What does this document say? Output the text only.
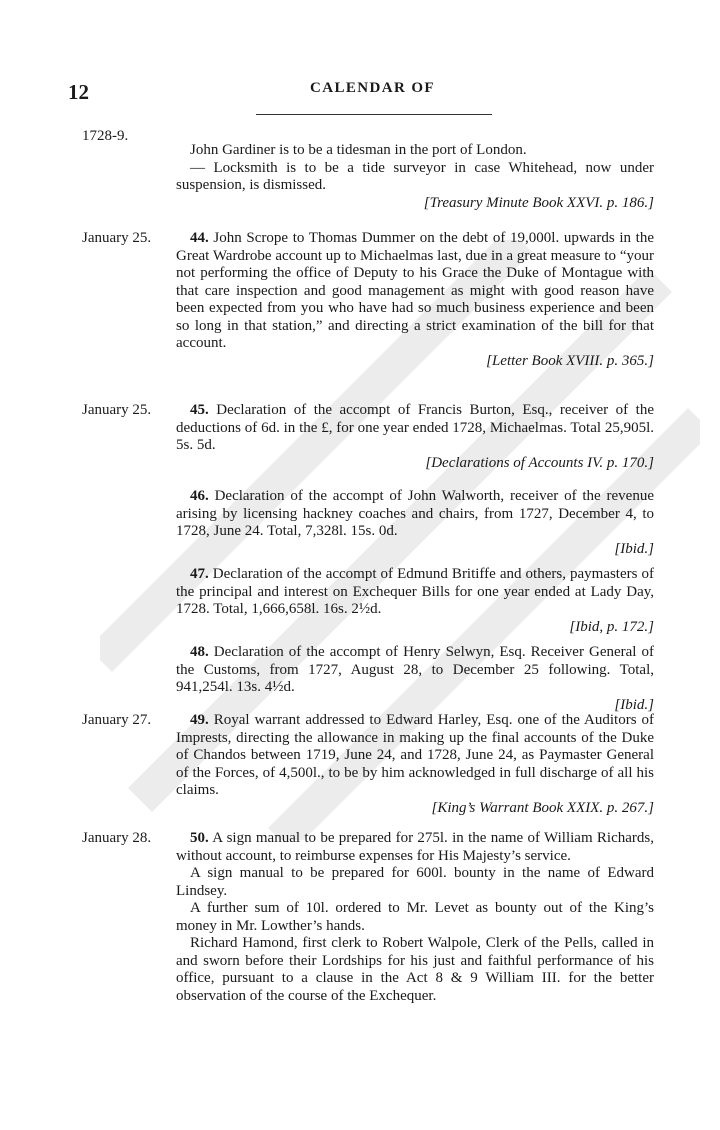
12	CALENDAR OF
1728-9.

John Gardiner is to be a tidesman in the port of London.

— Locksmith is to be a tide surveyor in case Whitehead, now under suspension, is dismissed.

[Treasury Minute Book XXVI. p. 186.]

January 25.	44. John Scrope to Thomas Dummer on the debt of 19,000l. upwards in the Great Wardrobe account up to Michaelmas last, due in a great measure to “your not performing the office of Deputy to his Grace the Duke of Montague with that care inspection and good management as might with good reason have been expected from you who have had so much business experience and been so long in that station,” and directing a strict examination of the bill for that account.

[Letter Book XVIII. p. 365.]

January 25.	45. Declaration of the accompt of Francis Burton, Esq., receiver of the deductions of 6d. in the £, for one year ended 1728, Michaelmas. Total 25,905l. 5s. 5d.

[Declarations of Accounts IV. p. 170.]

46. Declaration of the accompt of John Walworth, receiver of the revenue arising by licensing hackney coaches and chairs, from 1727, December 4, to 1728, June 24. Total, 7,328l. 15s. 0d.

[Ibid.]

47. Declaration of the accompt of Edmund Britiffe and others, paymasters of the principal and interest on Exchequer Bills for one year ended at Lady Day, 1728. Total, 1,666,658l. 16s. 2½d.

[Ibid, p. 172.]

48. Declaration of the accompt of Henry Selwyn, Esq. Receiver General of the Customs, from 1727, August 28, to December 25 following. Total, 941,254l. 13s. 4½d.

[Ibid.]

January 27.	49. Royal warrant addressed to Edward Harley, Esq. one of the Auditors of Imprests, directing the allowance in making up the final accounts of the Duke of Chandos between 1719, June 24, and 1728, June 24, as Paymaster General of the Forces, of 4,500l., to be by him acknowledged in full discharge of all his claims.

[King’s Warrant Book XXIX. p. 267.]

January 28.	50. A sign manual to be prepared for 275l. in the name of William Richards, without account, to reimburse expenses for His Majesty’s service.

A sign manual to be prepared for 600l. bounty in the name of Edward Lindsey.

A further sum of 10l. ordered to Mr. Levet as bounty out of the King’s money in Mr. Lowther’s hands.

Richard Hamond, first clerk to Robert Walpole, Clerk of the Pells, called in and sworn before their Lordships for his just and faithful performance of his office, pursuant to a clause in the Act 8 & 9 William III. for the better observation of the course of the Exchequer.
